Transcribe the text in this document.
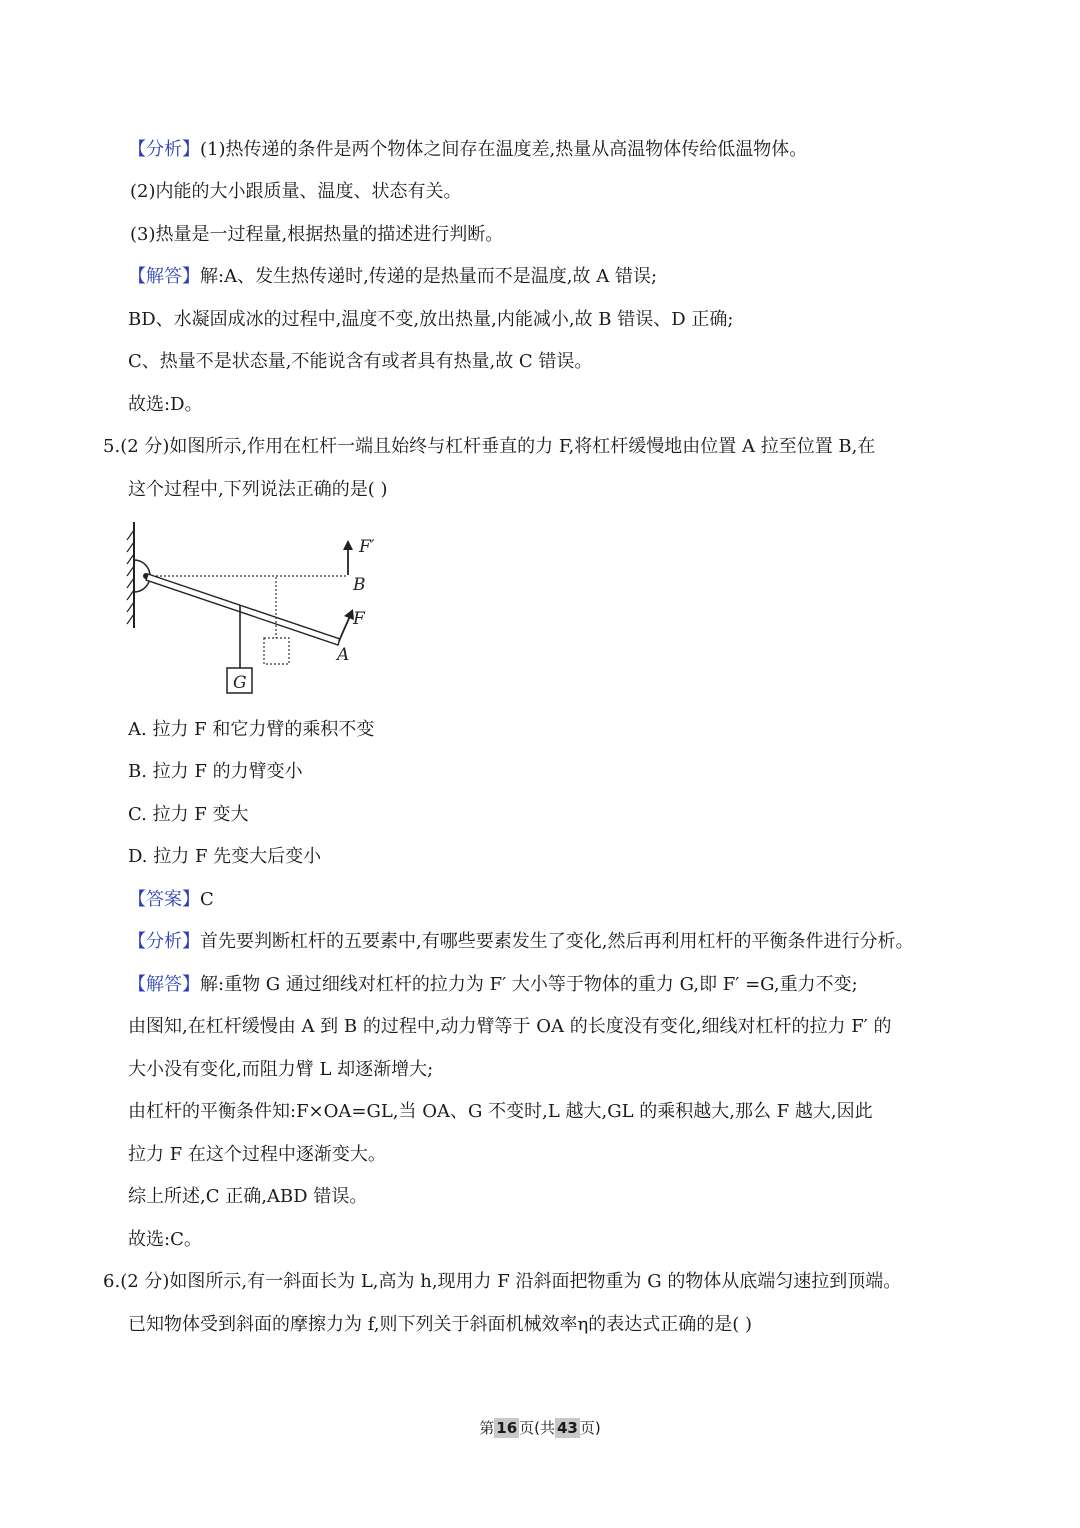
【分析】(1)热传递的条件是两个物体之间存在温度差,热量从高温物体传给低温物体。
(2)内能的大小跟质量、温度、状态有关。
(3)热量是一过程量,根据热量的描述进行判断。
【解答】解:A、发生热传递时,传递的是热量而不是温度,故 A 错误;
BD、水凝固成冰的过程中,温度不变,放出热量,内能减小,故 B 错误、D 正确;
C、热量不是状态量,不能说含有或者具有热量,故 C 错误。
故选:D。
5.(2 分)如图所示,作用在杠杆一端且始终与杠杆垂直的力 F,将杠杆缓慢地由位置 A 拉至位置 B,在
这个过程中,下列说法正确的是( )
G
F′
B
F
A
A. 拉力 F 和它力臂的乘积不变
B. 拉力 F 的力臂变小
C. 拉力 F 变大
D. 拉力 F 先变大后变小
【答案】C
【分析】首先要判断杠杆的五要素中,有哪些要素发生了变化,然后再利用杠杆的平衡条件进行分析。
【解答】解:重物 G 通过细线对杠杆的拉力为 F′ 大小等于物体的重力 G,即 F′ =G,重力不变;
由图知,在杠杆缓慢由 A 到 B 的过程中,动力臂等于 OA 的长度没有变化,细线对杠杆的拉力 F′ 的
大小没有变化,而阻力臂 L 却逐渐增大;
由杠杆的平衡条件知:F×OA=GL,当 OA、G 不变时,L 越大,GL 的乘积越大,那么 F 越大,因此
拉力 F 在这个过程中逐渐变大。
综上所述,C 正确,ABD 错误。
故选:C。
6.(2 分)如图所示,有一斜面长为 L,高为 h,现用力 F 沿斜面把物重为 G 的物体从底端匀速拉到顶端。
已知物体受到斜面的摩擦力为 f,则下列关于斜面机械效率η的表达式正确的是( )
第 16 页(共 43 页)
